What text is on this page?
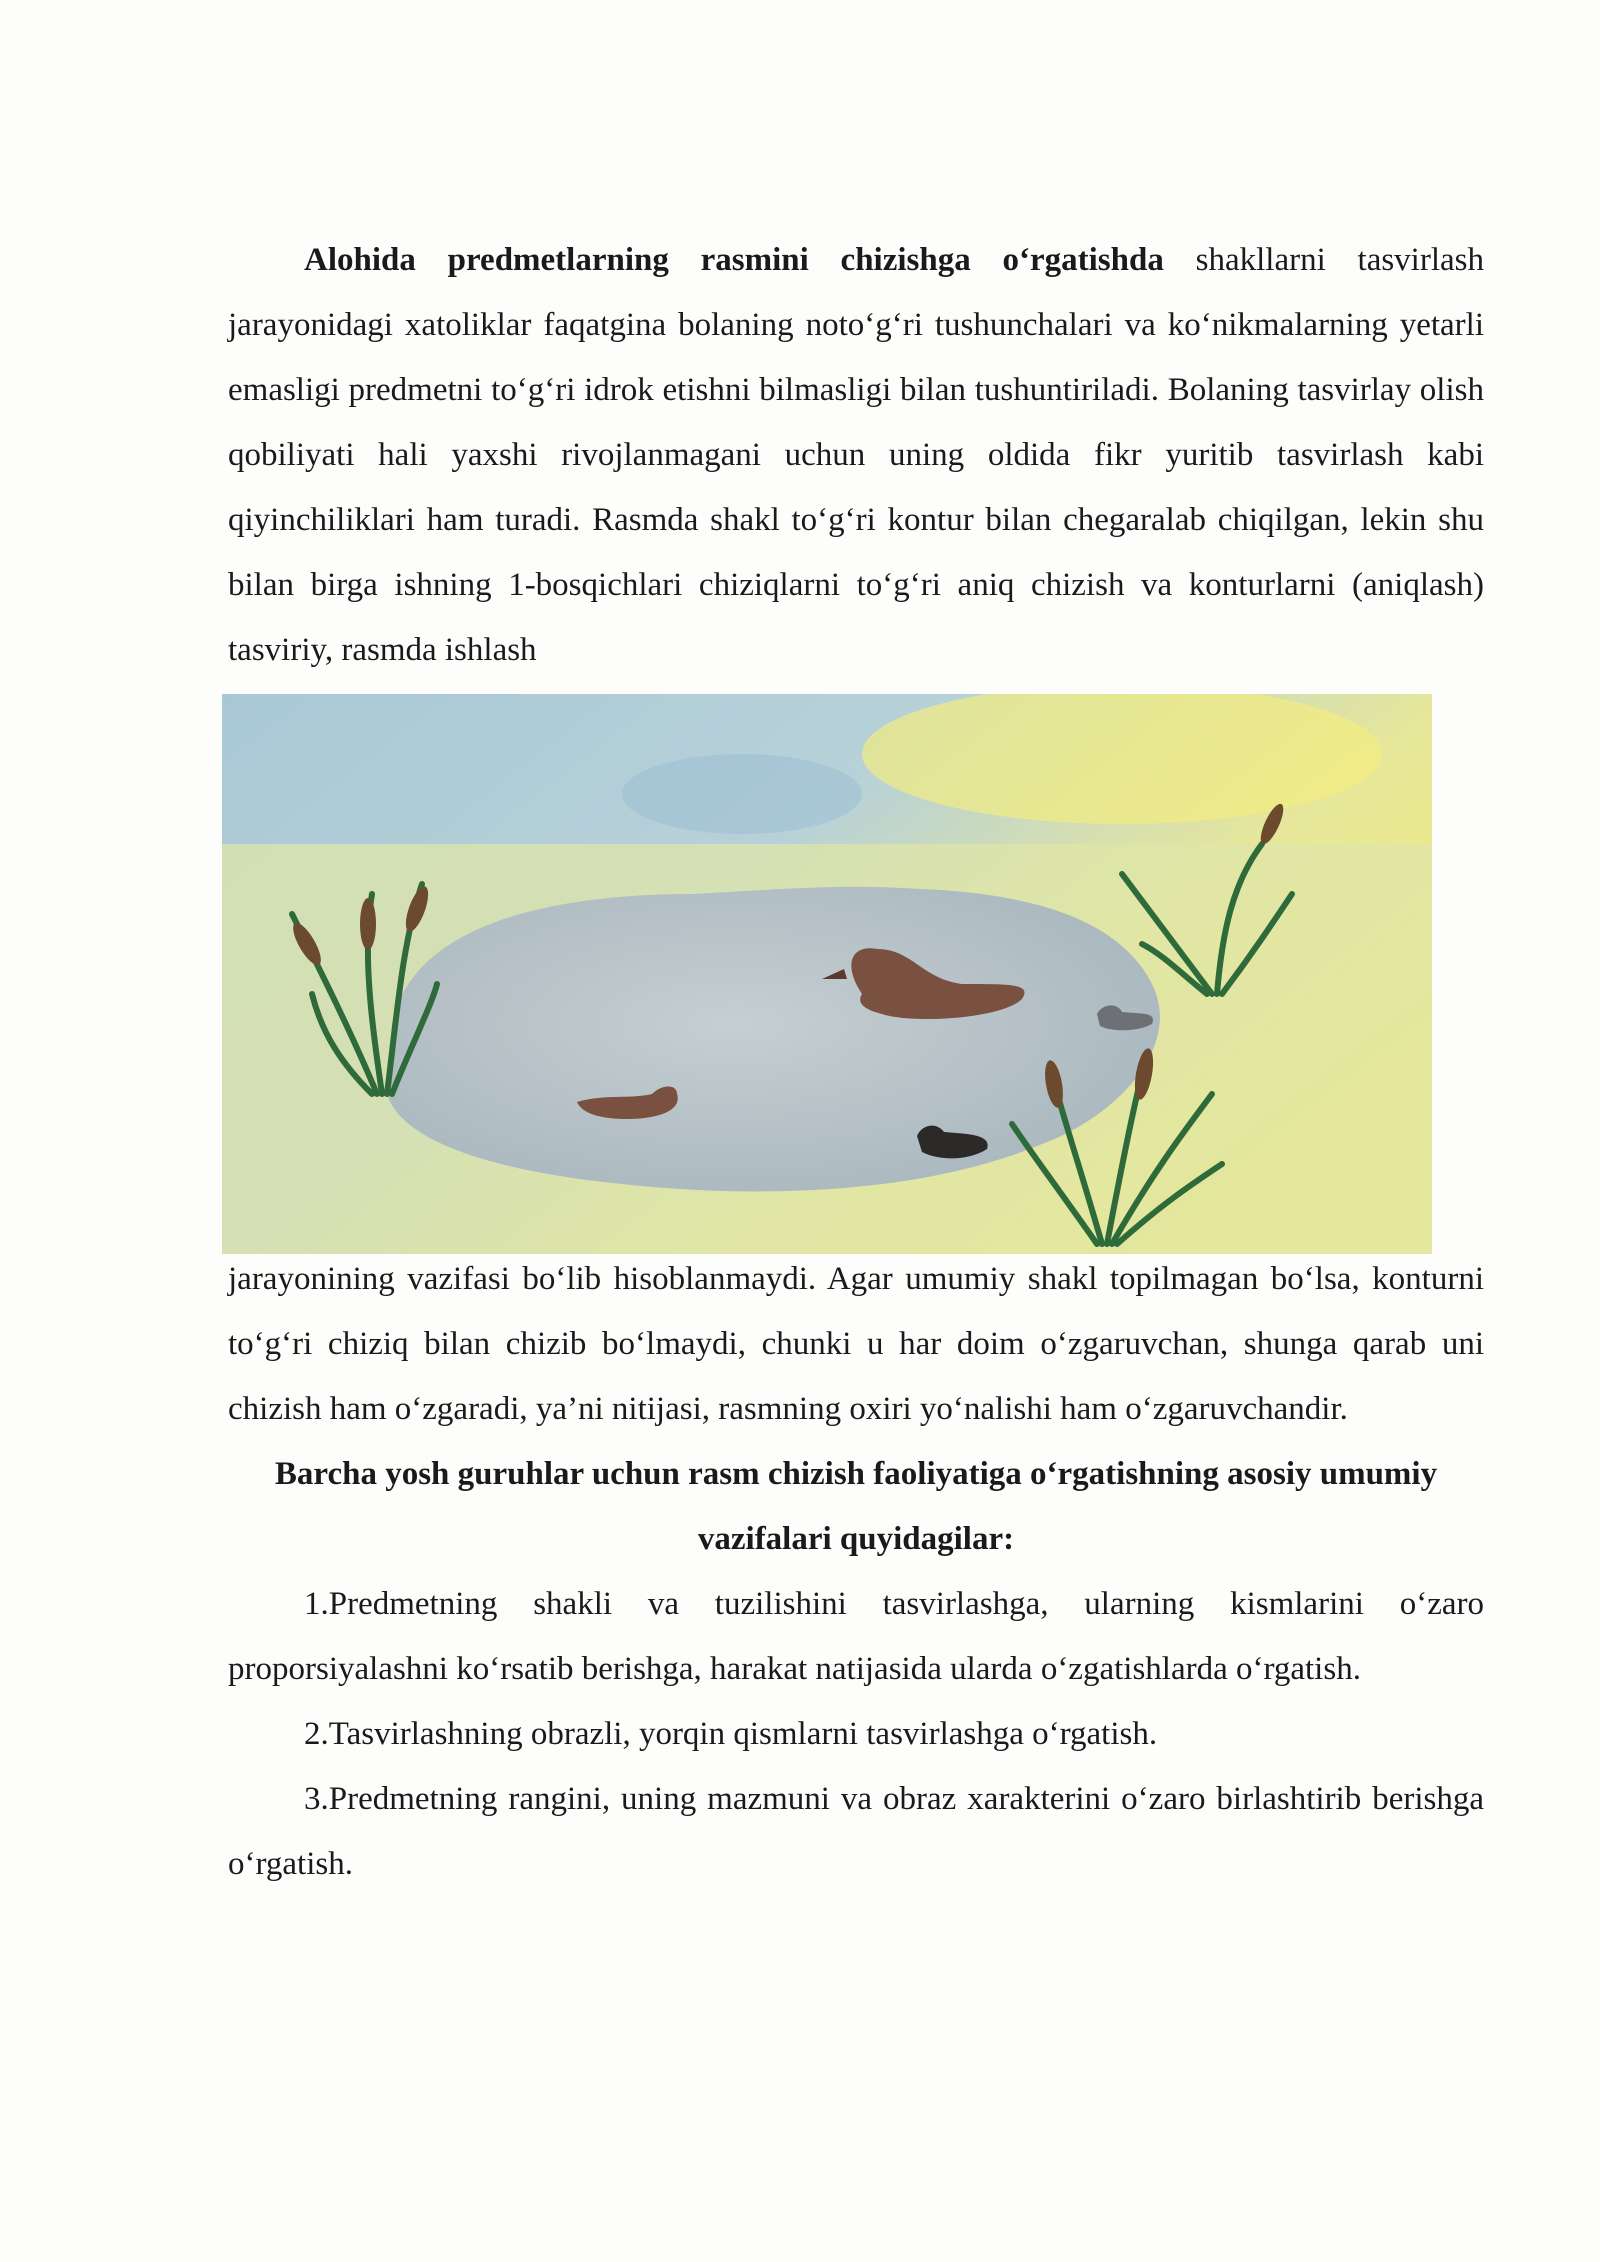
Alohida predmetlarning rasmini chizishga o‘rgatishda shakllarni tasvirlash jarayonidagi xatoliklar faqatgina bolaning noto‘g‘ri tushunchalari va ko‘nikmalarning yetarli emasligi predmetni to‘g‘ri idrok etishni bilmasligi bilan tushuntiriladi. Bolaning tasvirlay olish qobiliyati hali yaxshi rivojlanmagani uchun uning oldida fikr yuritib tasvirlash kabi qiyinchiliklari ham turadi. Rasmda shakl to‘g‘ri kontur bilan chegaralab chiqilgan, lekin shu bilan birga ishning 1-bosqichlari chiziqlarni to‘g‘ri aniq chizish va konturlarni (aniqlash) tasviriy, rasmda ishlash

jarayonining vazifasi bo‘lib hisoblanmaydi. Agar umumiy shakl topilmagan bo‘lsa, konturni to‘g‘ri chiziq bilan chizib bo‘lmaydi, chunki u har doim o‘zgaruvchan, shunga qarab uni chizish ham o‘zgaradi, ya’ni nitijasi, rasmning oxiri yo‘nalishi ham o‘zgaruvchandir.

Barcha yosh guruhlar uchun rasm chizish faoliyatiga o‘rgatishning asosiy umumiy vazifalari quyidagilar:

1.Predmetning shakli va tuzilishini tasvirlashga, ularning kismlarini o‘zaro proporsiyalashni ko‘rsatib berishga, harakat natijasida ularda o‘zgatishlarda o‘rgatish.

2.Tasvirlashning obrazli, yorqin qismlarni tasvirlashga o‘rgatish.

3.Predmetning rangini, uning mazmuni va obraz xarakterini o‘zaro birlashtirib berishga o‘rgatish.
